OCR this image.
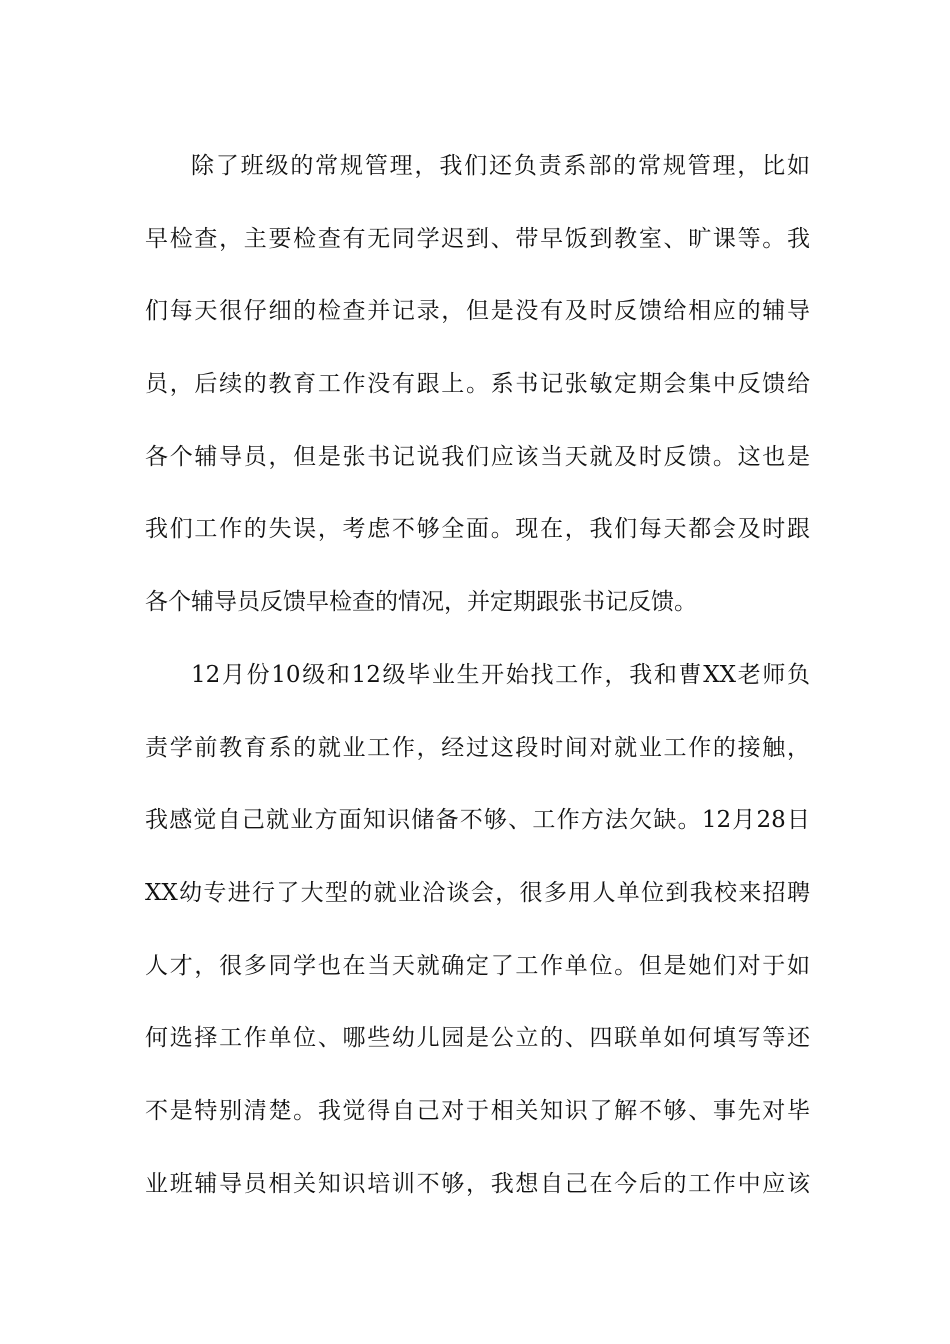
除了班级的常规管理，我们还负责系部的常规管理，比如
早检查，主要检查有无同学迟到、带早饭到教室、旷课等。我
们每天很仔细的检查并记录，但是没有及时反馈给相应的辅导
员，后续的教育工作没有跟上。系书记张敏定期会集中反馈给
各个辅导员，但是张书记说我们应该当天就及时反馈。这也是
我们工作的失误，考虑不够全面。现在，我们每天都会及时跟
各个辅导员反馈早检查的情况，并定期跟张书记反馈。
12月份10级和12级毕业生开始找工作，我和曹XX老师负
责学前教育系的就业工作，经过这段时间对就业工作的接触，
我感觉自己就业方面知识储备不够、工作方法欠缺。12月28日
XX幼专进行了大型的就业洽谈会，很多用人单位到我校来招聘
人才，很多同学也在当天就确定了工作单位。但是她们对于如
何选择工作单位、哪些幼儿园是公立的、四联单如何填写等还
不是特别清楚。我觉得自己对于相关知识了解不够、事先对毕
业班辅导员相关知识培训不够，我想自己在今后的工作中应该
